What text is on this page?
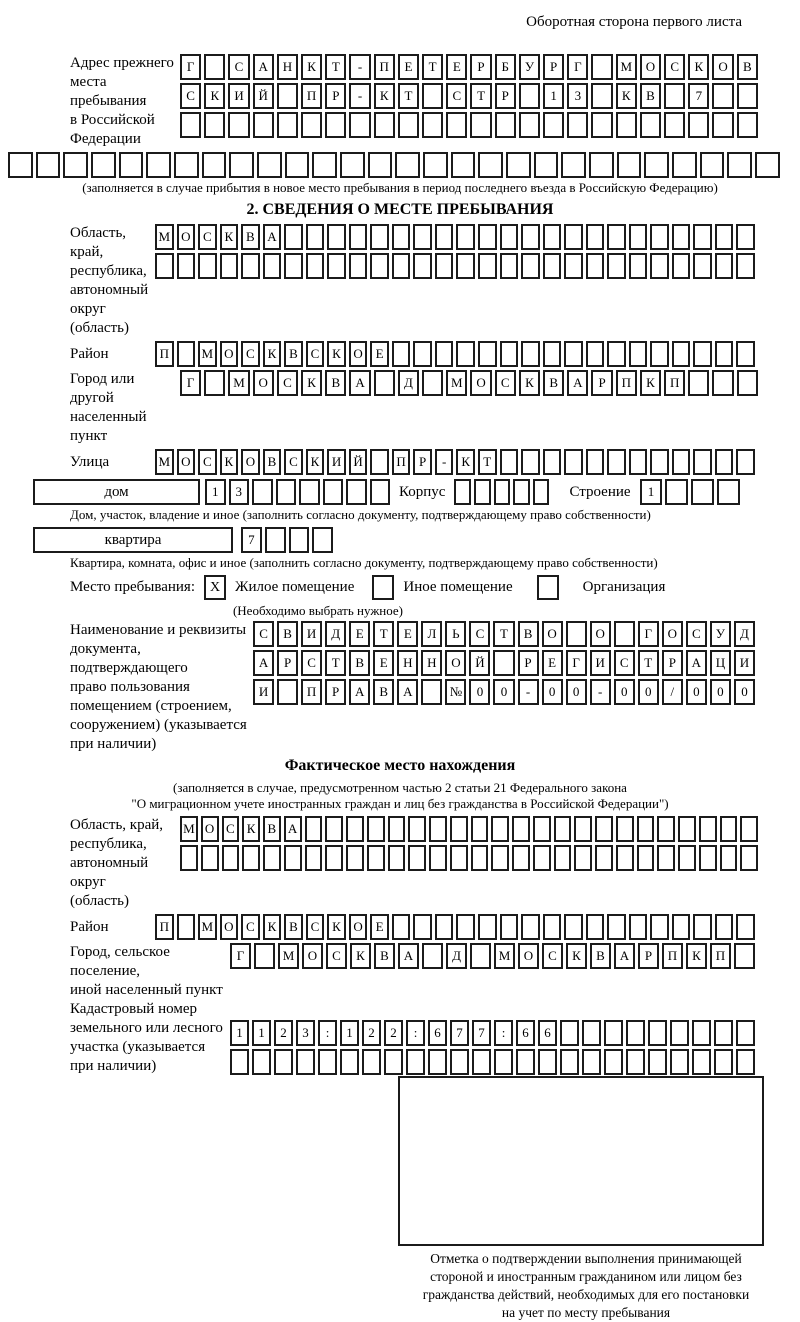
Оборотная сторона первого листа
Адрес прежнего
места пребывания
в Российской
Федерации
Г	С	А	Н	К	Т	-	П	Е	Т	Е	Р	Б	У	Р	Г	М	О	С	К	О	В
С	К	И	Й	П	Р	-	К	Т	С	Т	Р	1	3	К	В	7
(заполняется в случае прибытия в новое место пребывания в период последнего въезда в Российскую Федерацию)
2. СВЕДЕНИЯ О МЕСТЕ ПРЕБЫВАНИЯ
Область, край,
республика,
автономный
округ (область)
М О С К В А
Район	П	М О С К В С К О Е
Город или другой
населенный пункт
Г	М	О	С	К	В	А	Д	М	О	С	К	В	А	Р	П	К	П
Улица	М О С К О В С К И Й	П	Р	-	К	Т
дом	1	3	Корпус	Строение	1
Дом, участок, владение и иное (заполнить согласно документу, подтверждающему право собственности)
квартира	7
Квартира, комната, офис и иное (заполнить согласно документу, подтверждающему право собственности)
Место пребывания:	X Жилое помещение	Иное помещение	Организация
(Необходимо выбрать нужное)
Наименование и реквизиты
документа, подтверждающего
право пользования
помещением (строением,
сооружением) (указывается
при наличии)
С	В	И	Д	Е	Т	Е	Л	Ь	С	Т	В	О	О	Г	О	С	У	Д
А	Р	С	Т	В	Е	Н	Н	О	Й	Р	Е	Г	И	С	Т	Р	А	Ц	И
И	П	Р	А	В	А	№	0	0	-	0	0	-	0	0	/	0	0	0
Фактическое место нахождения
(заполняется в случае, предусмотренном частью 2 статьи 21 Федерального закона
"О миграционном учете иностранных граждан и лиц без гражданства в Российской Федерации")
Область, край,
республика,
автономный округ
(область)
М О С К В А
Район	П	М О С К В С К О Е
Город, сельское поселение,
иной населенный пункт
Г	М	О	С	К	В	А	Д	М	О	С	К	В	А	Р	П	К	П
Кадастровый номер
земельного или лесного
участка (указывается
при наличии)
1	1	2	3	:	1	2	2	:	6	7	7	:	6	6
Отметка о подтверждении выполнения принимающей
стороной и иностранным гражданином или лицом без
гражданства действий, необходимых для его постановки
на учет по месту пребывания
